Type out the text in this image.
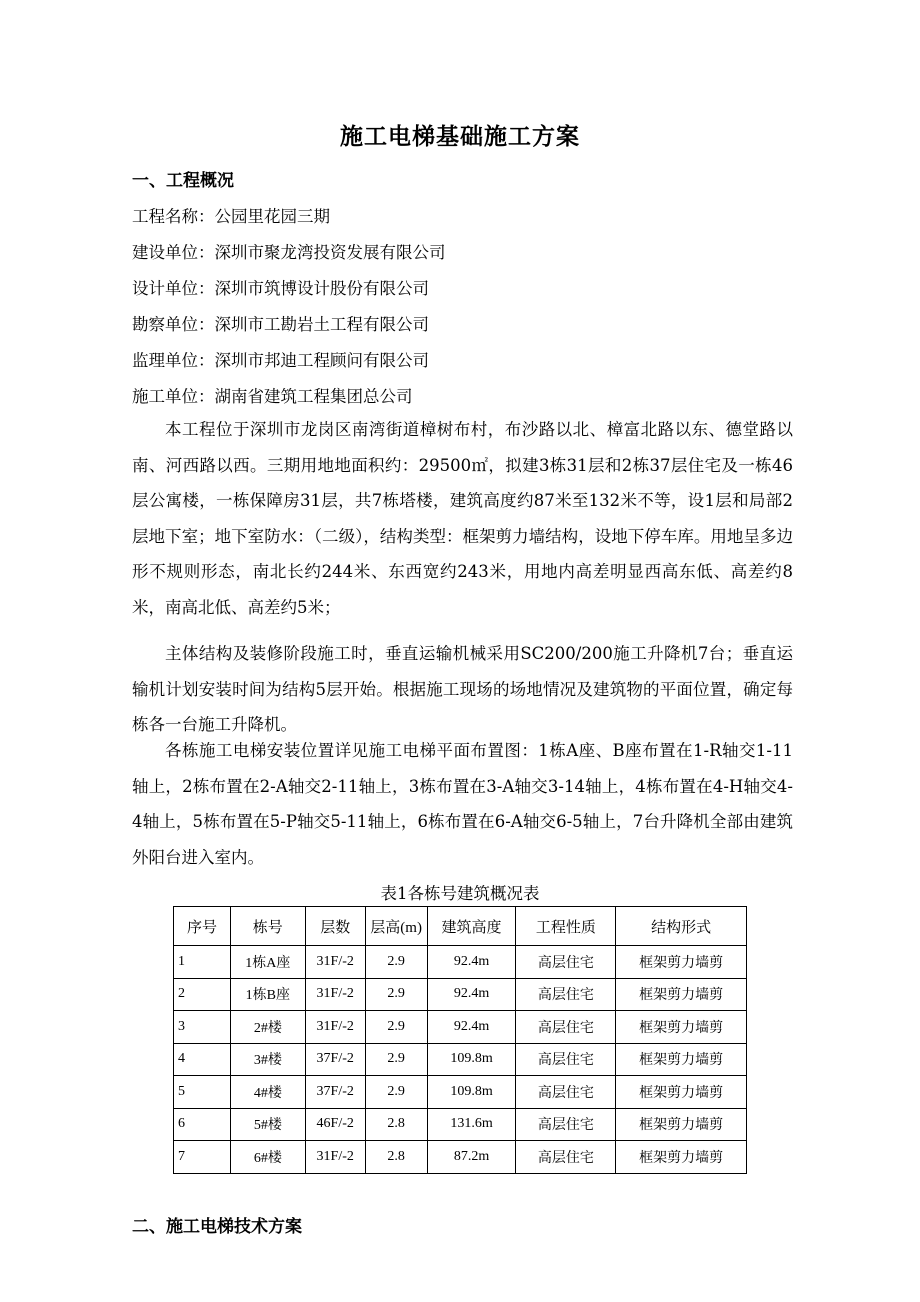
施工电梯基础施工方案
一、工程概况
工程名称：公园里花园三期
建设单位：深圳市聚龙湾投资发展有限公司
设计单位：深圳市筑博设计股份有限公司
勘察单位：深圳市工勘岩土工程有限公司
监理单位：深圳市邦迪工程顾问有限公司
施工单位：湖南省建筑工程集团总公司
本工程位于深圳市龙岗区南湾街道樟树布村，布沙路以北、樟富北路以东、德堂路以南、河西路以西。三期用地地面积约：29500㎡，拟建3栋31层和2栋37层住宅及一栋46层公寓楼，一栋保障房31层，共7栋塔楼，建筑高度约87米至132米不等，设1层和局部2层地下室；地下室防水：（二级），结构类型：框架剪力墙结构，设地下停车库。用地呈多边形不规则形态，南北长约244米、东西宽约243米，用地内高差明显西高东低、高差约8米，南高北低、高差约5米；
主体结构及装修阶段施工时，垂直运输机械采用SC200/200施工升降机7台；垂直运输机计划安装时间为结构5层开始。根据施工现场的场地情况及建筑物的平面位置，确定每栋各一台施工升降机。
各栋施工电梯安装位置详见施工电梯平面布置图：1栋A座、B座布置在1-R轴交1-11轴上，2栋布置在2-A轴交2-11轴上，3栋布置在3-A轴交3-14轴上，4栋布置在4-H轴交4-4轴上，5栋布置在5-P轴交5-11轴上，6栋布置在6-A轴交6-5轴上，7台升降机全部由建筑外阳台进入室内。
表1各栋号建筑概况表
序号	栋号	层数	层高(m)	建筑高度	工程性质	结构形式
1	1栋A座	31F/-2	2.9	92.4m	高层住宅	框架剪力墙剪
2	1栋B座	31F/-2	2.9	92.4m	高层住宅	框架剪力墙剪
3	2#楼	31F/-2	2.9	92.4m	高层住宅	框架剪力墙剪
4	3#楼	37F/-2	2.9	109.8m	高层住宅	框架剪力墙剪
5	4#楼	37F/-2	2.9	109.8m	高层住宅	框架剪力墙剪
6	5#楼	46F/-2	2.8	131.6m	高层住宅	框架剪力墙剪
7	6#楼	31F/-2	2.8	87.2m	高层住宅	框架剪力墙剪
二、施工电梯技术方案
